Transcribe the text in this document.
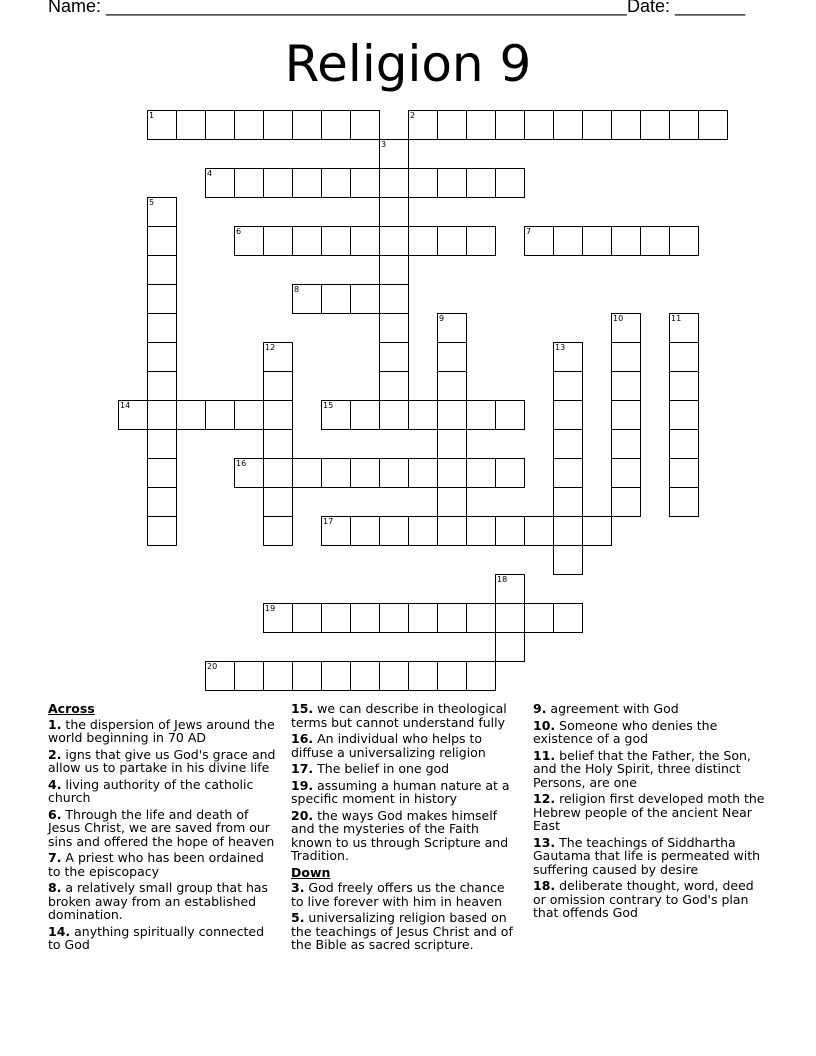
Name: ____________________________________________________ Date: _______
Religion 9
1	2
4
6	7
8
14	15
16
17
19
20
3
5
9	10	11
12	13
18
Across
1. the dispersion of Jews around the world beginning in 70 AD
2. igns that give us God's grace and allow us to partake in his divine life
4. living authority of the catholic church
6. Through the life and death of Jesus Christ, we are saved from our sins and offered the hope of heaven
7. A priest who has been ordained to the episcopacy
8. a relatively small group that has broken away from an established domination.
14. anything spiritually connected to God
15. we can describe in theological terms but cannot understand fully
16. An individual who helps to diffuse a universalizing religion
17. The belief in one god
19. assuming a human nature at a specific moment in history
20. the ways God makes himself and the mysteries of the Faith known to us through Scripture and Tradition.
Down
3. God freely offers us the chance to live forever with him in heaven
5. universalizing religion based on the teachings of Jesus Christ and of the Bible as sacred scripture.
9. agreement with God
10. Someone who denies the existence of a god
11. belief that the Father, the Son, and the Holy Spirit, three distinct Persons, are one
12. religion first developed moth the Hebrew people of the ancient Near East
13. The teachings of Siddhartha Gautama that life is permeated with suffering caused by desire
18. deliberate thought, word, deed or omission contrary to God's plan that offends God
